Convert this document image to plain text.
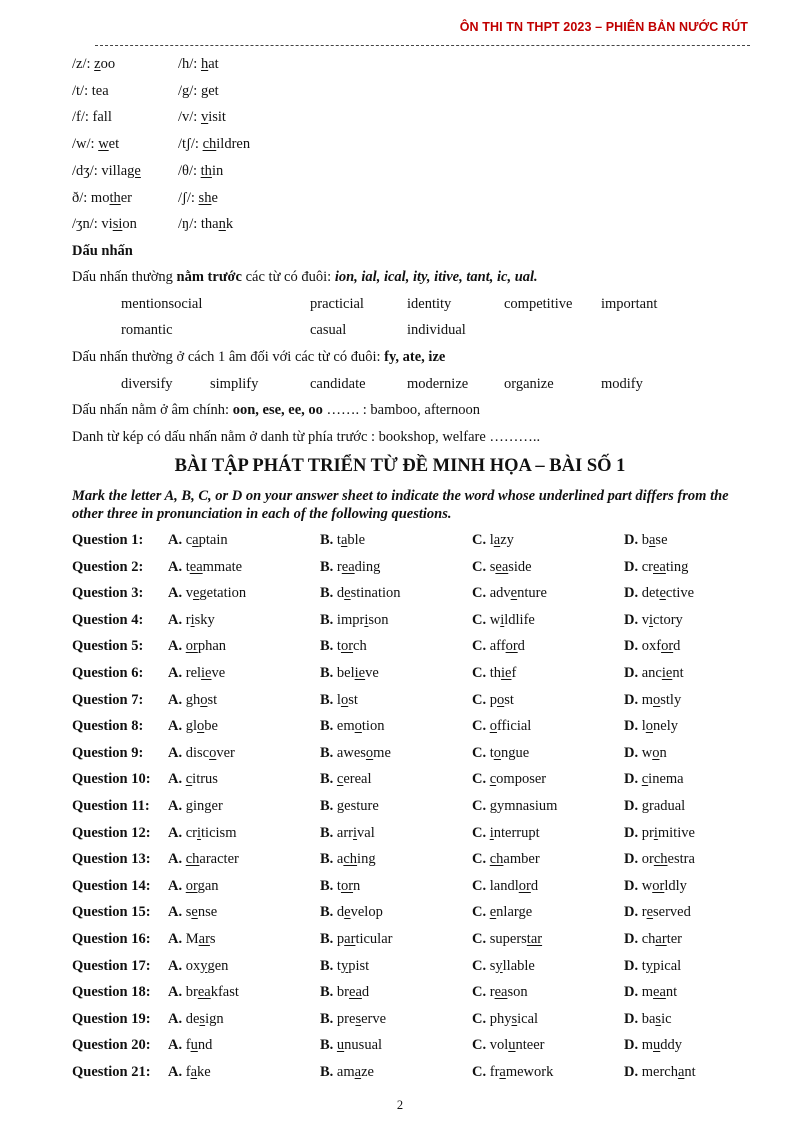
ÔN THI TN THPT 2023 – PHIÊN BẢN NƯỚC RÚT
/z/: zoo	/h/: hat
/t/: tea	/g/: get
/f/: fall	/v/: visit
/w/: wet	/tʃ/: children
/dʒ/: village	/θ/: thin
ð/: mother	/ʃ/: she
/ʒn/: vision	/ŋ/: thank
Dấu nhấn
Dấu nhấn thường nằm trước các từ có đuôi: ion, ial, ical, ity, itive, tant, ic, ual.
mentionsocial	practicial	identity	competitive important
romantic	casual	individual
Dấu nhấn thường ở cách 1 âm đối với các từ có đuôi: fy, ate, ize
diversify	simplify	candidate	modernize organize	modify
Dấu nhấn nằm ở âm chính: oon, ese, ee, oo ……. : bamboo, afternoon
Danh từ kép có dấu nhấn nằm ở danh từ phía trước : bookshop, welfare ………..
BÀI TẬP PHÁT TRIỂN TỪ ĐỀ MINH HỌA – BÀI SỐ 1
Mark the letter A, B, C, or D on your answer sheet to indicate the word whose underlined part differs from the other three in pronunciation in each of the following questions.
Question 1: A. captain	B. table	C. lazy	D. base
Question 2: A. teammate	B. reading	C. seaside	D. creating
Question 3: A. vegetation	B. destination	C. adventure	D. detective
Question 4: A. risky	B. imprison	C. wildlife	D. victory
Question 5: A. orphan	B. torch	C. afford	D. oxford
Question 6: A. relieve	B. believe	C. thief	D. ancient
Question 7: A. ghost	B. lost	C. post	D. mostly
Question 8: A. globe	B. emotion	C. official	D. lonely
Question 9: A. discover	B. awesome	C. tongue	D. won
Question 10: A. citrus	B. cereal	C. composer	D. cinema
Question 11: A. ginger	B. gesture	C. gymnasium	D. gradual
Question 12: A. criticism	B. arrival	C. interrupt	D. primitive
Question 13: A. character	B. aching	C. chamber	D. orchestra
Question 14: A. organ	B. torn	C. landlord	D. worldly
Question 15: A. sense	B. develop	C. enlarge	D. reserved
Question 16: A. Mars	B. particular	C. superstar	D. charter
Question 17: A. oxygen	B. typist	C. syllable	D. typical
Question 18: A. breakfast	B. bread	C. reason	D. meant
Question 19: A. design	B. preserve	C. physical	D. basic
Question 20: A. fund	B. unusual	C. volunteer	D. muddy
Question 21: A. fake	B. amaze	C. framework	D. merchant
2
